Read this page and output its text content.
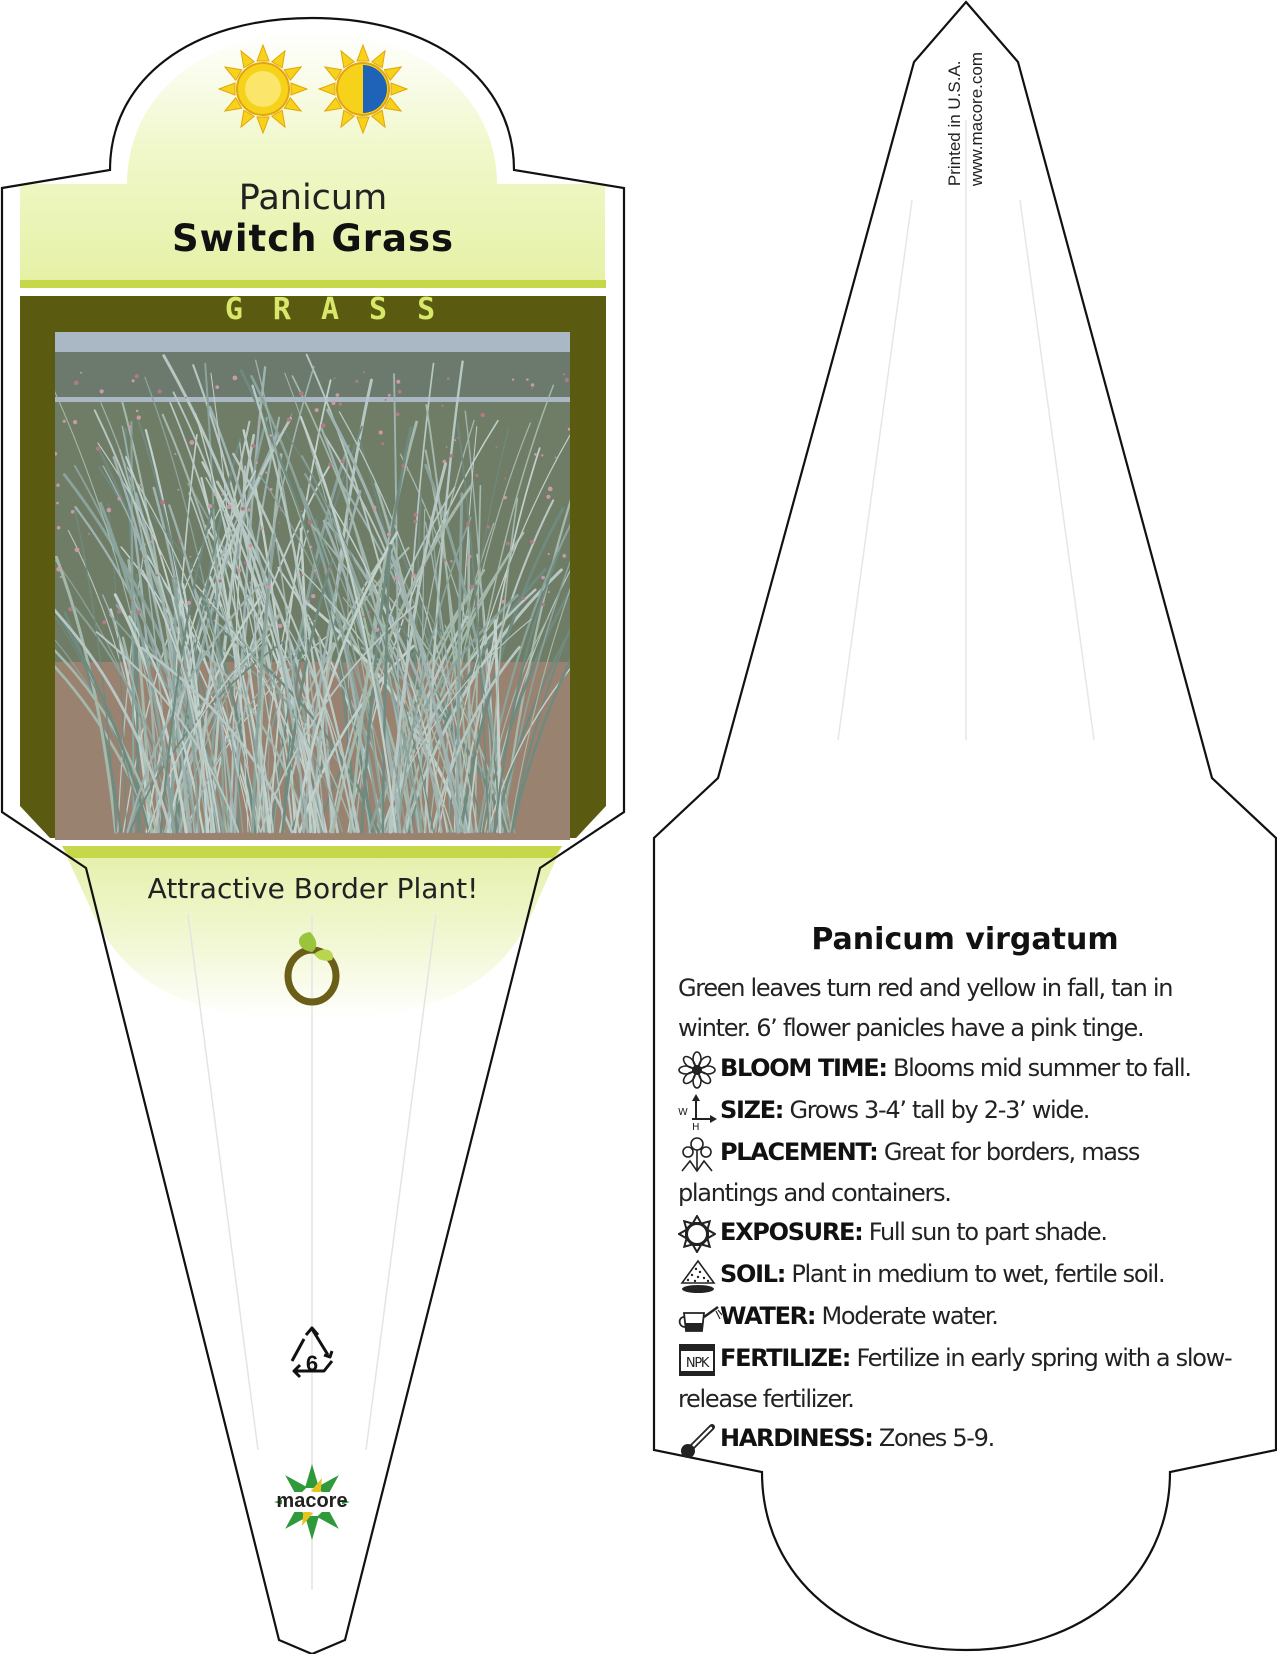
Panicum
Switch Grass
GRASS
Attractive Border Plant!
6
macore
Printed in U.S.A. www.macore.com
Panicum virgatum
Green leaves turn red and yellow in fall, tan in winter. 6’ flower panicles have a pink tinge.
BLOOM TIME: Blooms mid summer to fall.
W
H
SIZE: Grows 3-4’ tall by 2-3’ wide.
PLACEMENT: Great for borders, mass plantings and containers.
EXPOSURE: Full sun to part shade.
SOIL: Plant in medium to wet, fertile soil.
WATER: Moderate water.
NPK FERTILIZE: Fertilize in early spring with a slow-release fertilizer.
HARDINESS: Zones 5-9.
